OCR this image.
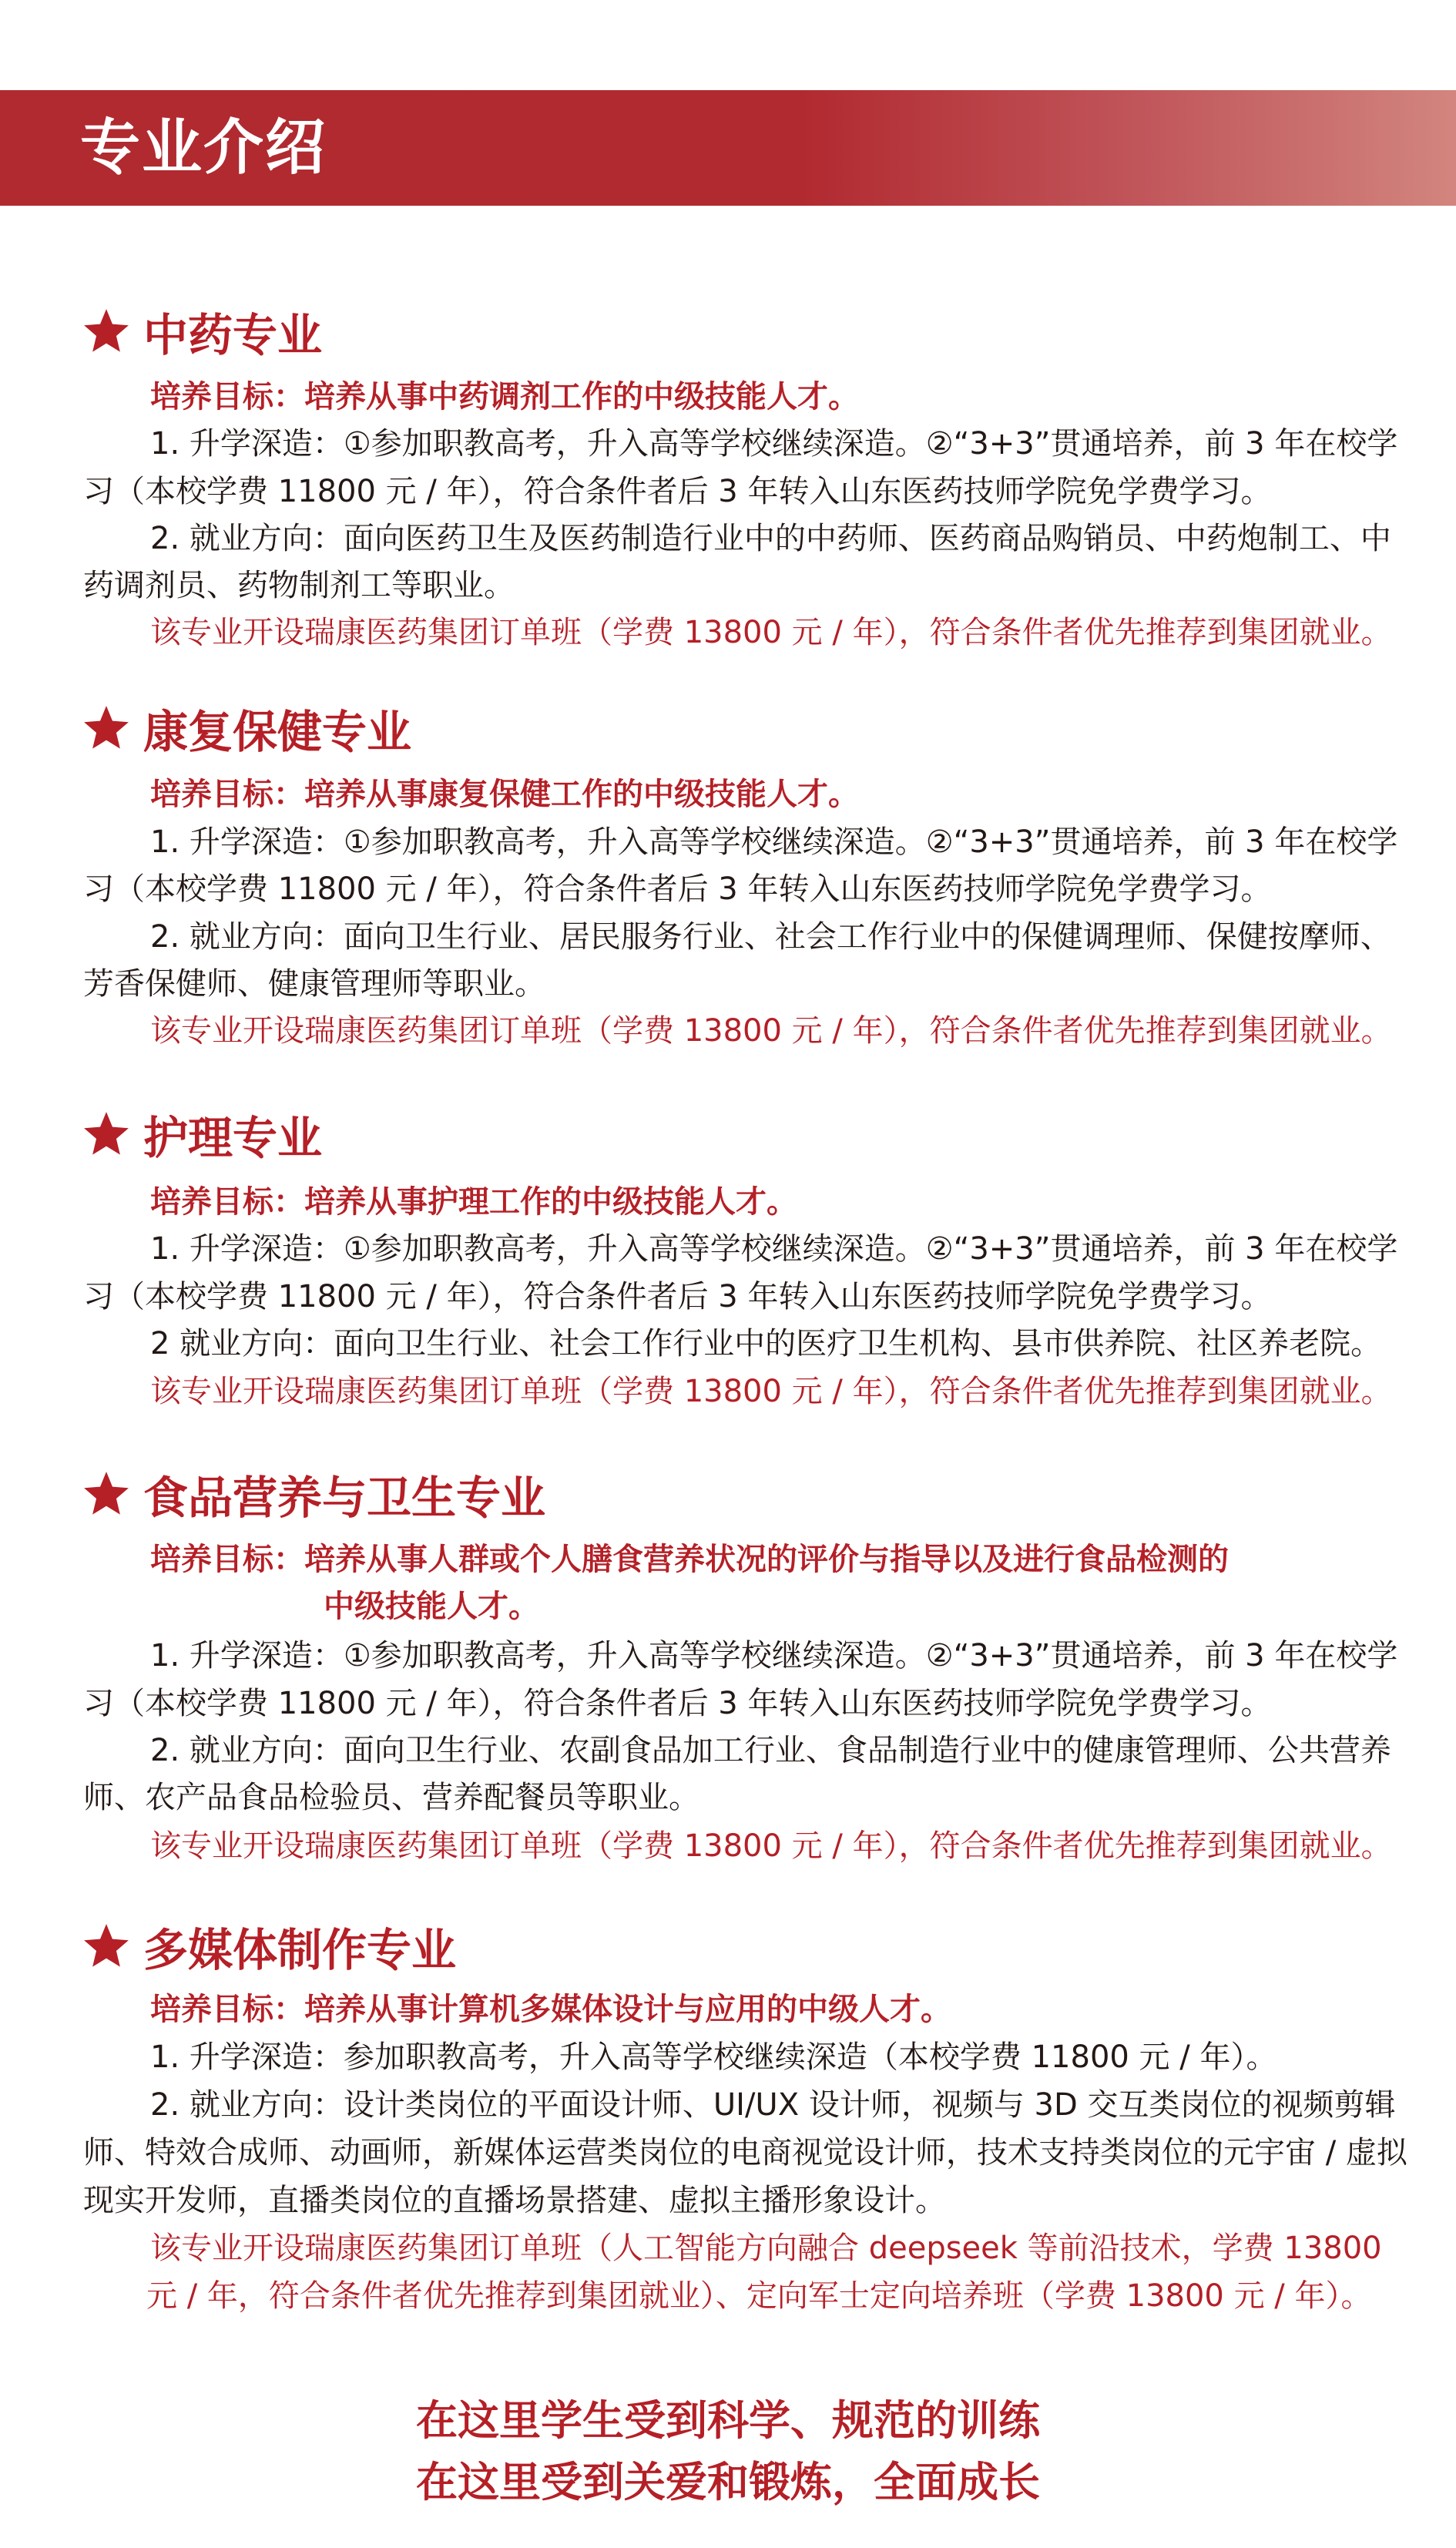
专业介绍
中药专业
培养目标：培养从事中药调剂工作的中级技能人才。
1. 升学深造：①参加职教高考，升入高等学校继续深造。②“3+3”贯通培养，前 3 年在校学
习（本校学费 11800 元 / 年），符合条件者后 3 年转入山东医药技师学院免学费学习。
2. 就业方向：面向医药卫生及医药制造行业中的中药师、医药商品购销员、中药炮制工、中
药调剂员、药物制剂工等职业。
该专业开设瑞康医药集团订单班（学费 13800 元 / 年），符合条件者优先推荐到集团就业。
康复保健专业
培养目标：培养从事康复保健工作的中级技能人才。
1. 升学深造：①参加职教高考，升入高等学校继续深造。②“3+3”贯通培养，前 3 年在校学
习（本校学费 11800 元 / 年），符合条件者后 3 年转入山东医药技师学院免学费学习。
2. 就业方向：面向卫生行业、居民服务行业、社会工作行业中的保健调理师、保健按摩师、
芳香保健师、健康管理师等职业。
该专业开设瑞康医药集团订单班（学费 13800 元 / 年），符合条件者优先推荐到集团就业。
护理专业
培养目标：培养从事护理工作的中级技能人才。
1. 升学深造：①参加职教高考，升入高等学校继续深造。②“3+3”贯通培养，前 3 年在校学
习（本校学费 11800 元 / 年），符合条件者后 3 年转入山东医药技师学院免学费学习。
2 就业方向：面向卫生行业、社会工作行业中的医疗卫生机构、县市供养院、社区养老院。
该专业开设瑞康医药集团订单班（学费 13800 元 / 年），符合条件者优先推荐到集团就业。
食品营养与卫生专业
培养目标：培养从事人群或个人膳食营养状况的评价与指导以及进行食品检测的
中级技能人才。
1. 升学深造：①参加职教高考，升入高等学校继续深造。②“3+3”贯通培养，前 3 年在校学
习（本校学费 11800 元 / 年），符合条件者后 3 年转入山东医药技师学院免学费学习。
2. 就业方向：面向卫生行业、农副食品加工行业、食品制造行业中的健康管理师、公共营养
师、农产品食品检验员、营养配餐员等职业。
该专业开设瑞康医药集团订单班（学费 13800 元 / 年），符合条件者优先推荐到集团就业。
多媒体制作专业
培养目标：培养从事计算机多媒体设计与应用的中级人才。
1. 升学深造：参加职教高考，升入高等学校继续深造（本校学费 11800 元 / 年）。
2. 就业方向：设计类岗位的平面设计师、UI/UX 设计师，视频与 3D 交互类岗位的视频剪辑
师、特效合成师、动画师，新媒体运营类岗位的电商视觉设计师，技术支持类岗位的元宇宙 / 虚拟
现实开发师，直播类岗位的直播场景搭建、虚拟主播形象设计。
该专业开设瑞康医药集团订单班（人工智能方向融合 deepseek 等前沿技术，学费 13800
元 / 年，符合条件者优先推荐到集团就业）、定向军士定向培养班（学费 13800 元 / 年）。
在这里学生受到科学、规范的训练
在这里受到关爱和锻炼，全面成长
